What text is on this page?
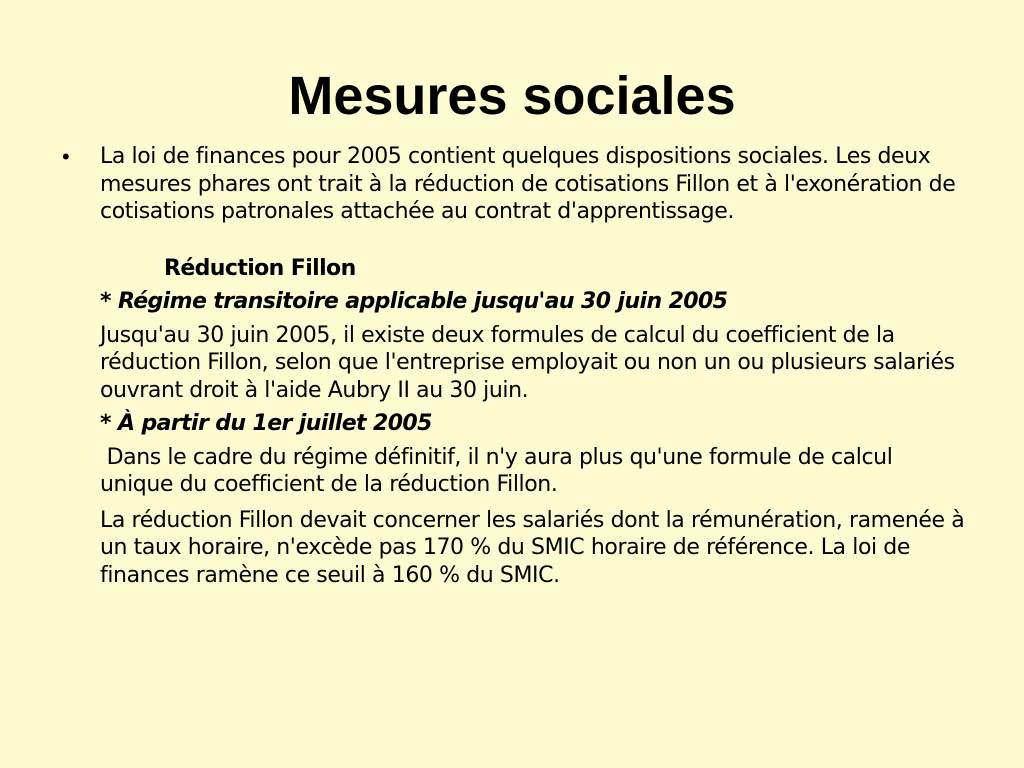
Mesures sociales
•	La loi de finances pour 2005 contient quelques dispositions sociales. Les deux mesures phares ont trait à la réduction de cotisations Fillon et à l'exonération de cotisations patronales attachée au contrat d'apprentissage.

Réduction Fillon

* Régime transitoire applicable jusqu'au 30 juin 2005

Jusqu'au 30 juin 2005, il existe deux formules de calcul du coefficient de la réduction Fillon, selon que l'entreprise employait ou non un ou plusieurs salariés ouvrant droit à l'aide Aubry II au 30 juin.

* À partir du 1er juillet 2005

Dans le cadre du régime définitif, il n'y aura plus qu'une formule de calcul unique du coefficient de la réduction Fillon.

La réduction Fillon devait concerner les salariés dont la rémunération, ramenée à un taux horaire, n'excède pas 170 % du SMIC horaire de référence. La loi de finances ramène ce seuil à 160 % du SMIC.
